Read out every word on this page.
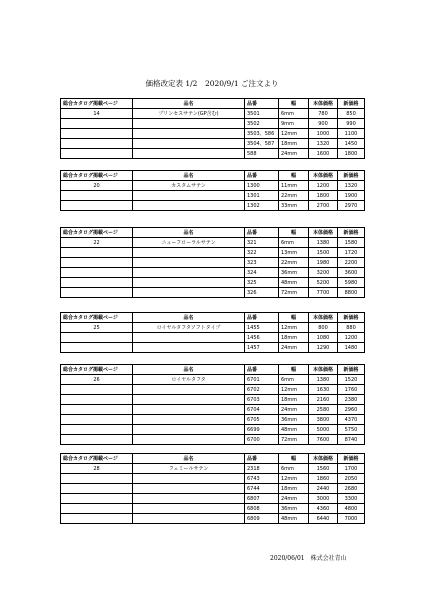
価格改定表 1/2　2020/9/1 ご注文より
総合カタログ掲載ページ	品名	品番	幅	本体価格	新価格
14	プリンセスサテン(GP含む)	3501	6mm	780	850
		3502	9mm	900	990
		3503、586	12mm	1000	1100
		3504、587	18mm	1320	1450
		588	24mm	1600	1800
総合カタログ掲載ページ	品名	品番	幅	本体価格	新価格
20	カスタムサテン	1300	11mm	1200	1320
		1301	22mm	1800	1900
		1302	33mm	2700	2970
総合カタログ掲載ページ	品名	品番	幅	本体価格	新価格
22	ニューフローラルサテン	321	6mm	1380	1580
		322	13mm	1500	1720
		323	22mm	1980	2200
		324	36mm	3200	3600
		325	48mm	5200	5980
		326	72mm	7700	8800
総合カタログ掲載ページ	品名	品番	幅	本体価格	新価格
25	ロイヤルタフタソフトタイプ	1455	12mm	800	880
		1456	18mm	1080	1200
		1457	24mm	1290	1480
総合カタログ掲載ページ	品名	品番	幅	本体価格	新価格
26	ロイヤルタフタ	6701	6mm	1380	1520
		6702	12mm	1630	1760
		6703	18mm	2160	2380
		6704	24mm	2580	2960
		6705	36mm	3800	4370
		6699	48mm	5000	5750
		6700	72mm	7600	8740
総合カタログ掲載ページ	品名	品番	幅	本体価格	新価格
28	フェミールサテン	2318	6mm	1560	1700
		6743	12mm	1860	2050
		6744	18mm	2440	2680
		6807	24mm	3000	3300
		6808	36mm	4360	4800
		6809	48mm	6440	7000
2020/06/01　株式会社青山
